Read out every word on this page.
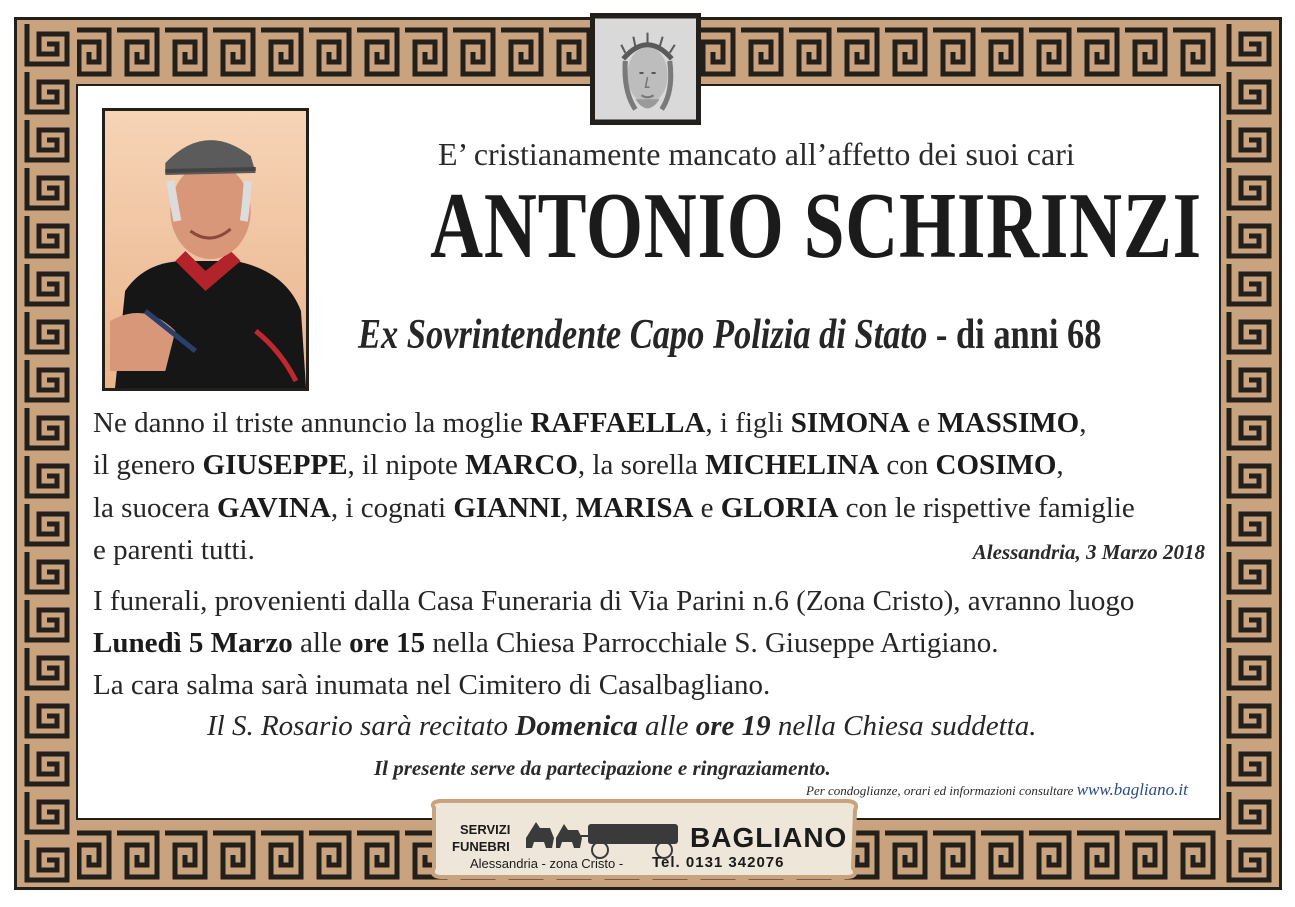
E’ cristianamente mancato all’affetto dei suoi cari
ANTONIO SCHIRINZI
Ex Sovrintendente Capo Polizia di Stato - di anni 68
Ne danno il triste annuncio la moglie RAFFAELLA, i figli SIMONA e MASSIMO,
il genero GIUSEPPE, il nipote MARCO, la sorella MICHELINA con COSIMO,
la suocera GAVINA, i cognati GIANNI, MARISA e GLORIA con le rispettive famiglie
e parenti tutti.	Alessandria, 3 Marzo 2018
I funerali, provenienti dalla Casa Funeraria di Via Parini n.6 (Zona Cristo), avranno luogo
Lunedì 5 Marzo alle ore 15 nella Chiesa Parrocchiale S. Giuseppe Artigiano.
La cara salma sarà inumata nel Cimitero di Casalbagliano.
Il S. Rosario sarà recitato Domenica alle ore 19 nella Chiesa suddetta.
Il presente serve da partecipazione e ringraziamento.
Per condoglianze, orari ed informazioni consultare www.bagliano.it
SERVIZI
FUNEBRI	BAGLIANO
Alessandria - zona Cristo - Tel. 0131 342076
